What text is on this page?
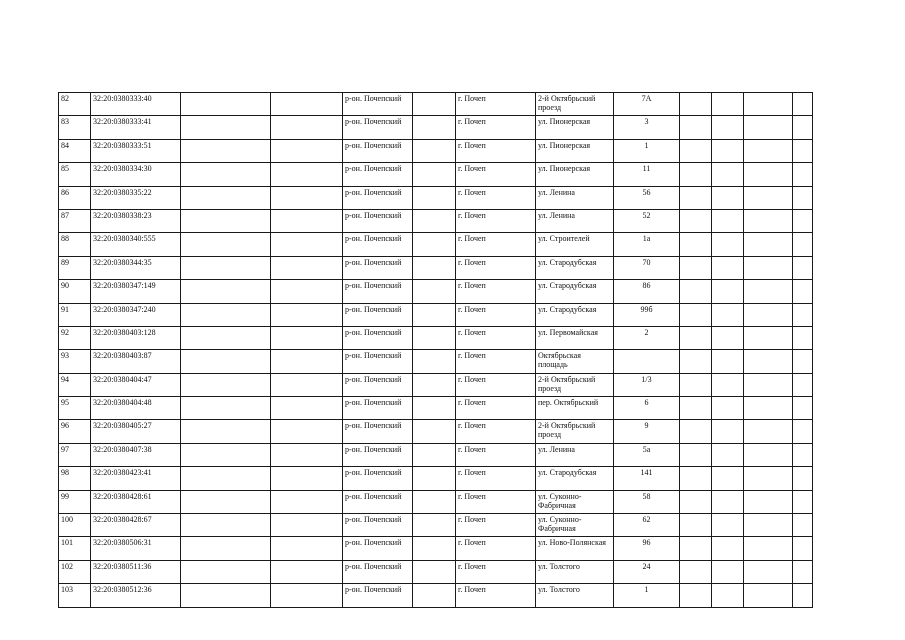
82	32:20:0380333:40			р-он. Почепский		г. Почеп	2-й Октябрьский проезд	7А				
83	32:20:0380333:41			р-он. Почепский		г. Почеп	ул. Пионерская	3				
84	32:20:0380333:51			р-он. Почепский		г. Почеп	ул. Пионерская	1				
85	32:20:0380334:30			р-он. Почепский		г. Почеп	ул. Пионерская	11				
86	32:20:0380335:22			р-он. Почепский		г. Почеп	ул. Ленина	56				
87	32:20:0380338:23			р-он. Почепский		г. Почеп	ул. Ленина	52				
88	32:20:0380340:555			р-он. Почепский		г. Почеп	ул. Строителей	1а				
89	32:20:0380344:35			р-он. Почепский		г. Почеп	ул. Стародубская	70				
90	32:20:0380347:149			р-он. Почепский		г. Почеп	ул. Стародубская	86				
91	32:20:0380347:240			р-он. Почепский		г. Почеп	ул. Стародубская	99б				
92	32:20:0380403:128			р-он. Почепский		г. Почеп	ул. Первомайская	2				
93	32:20:0380403:87			р-он. Почепский		г. Почеп	Октябрьская площадь					
94	32:20:0380404:47			р-он. Почепский		г. Почеп	2-й Октябрьский проезд	1/3				
95	32:20:0380404:48			р-он. Почепский		г. Почеп	пер. Октябрьский	6				
96	32:20:0380405:27			р-он. Почепский		г. Почеп	2-й Октябрьский проезд	9				
97	32:20:0380407:38			р-он. Почепский		г. Почеп	ул. Ленина	5а				
98	32:20:0380423:41			р-он. Почепский		г. Почеп	ул. Стародубская	141				
99	32:20:0380428:61			р-он. Почепский		г. Почеп	ул. Суконно-Фабричная	58				
100	32:20:0380428:67			р-он. Почепский		г. Почеп	ул. Суконно-Фабричная	62				
101	32:20:0380506:31			р-он. Почепский		г. Почеп	ул. Ново-Полянская	96				
102	32:20:0380511:36			р-он. Почепский		г. Почеп	ул. Толстого	24				
103	32:20:0380512:36			р-он. Почепский		г. Почеп	ул. Толстого	1				
